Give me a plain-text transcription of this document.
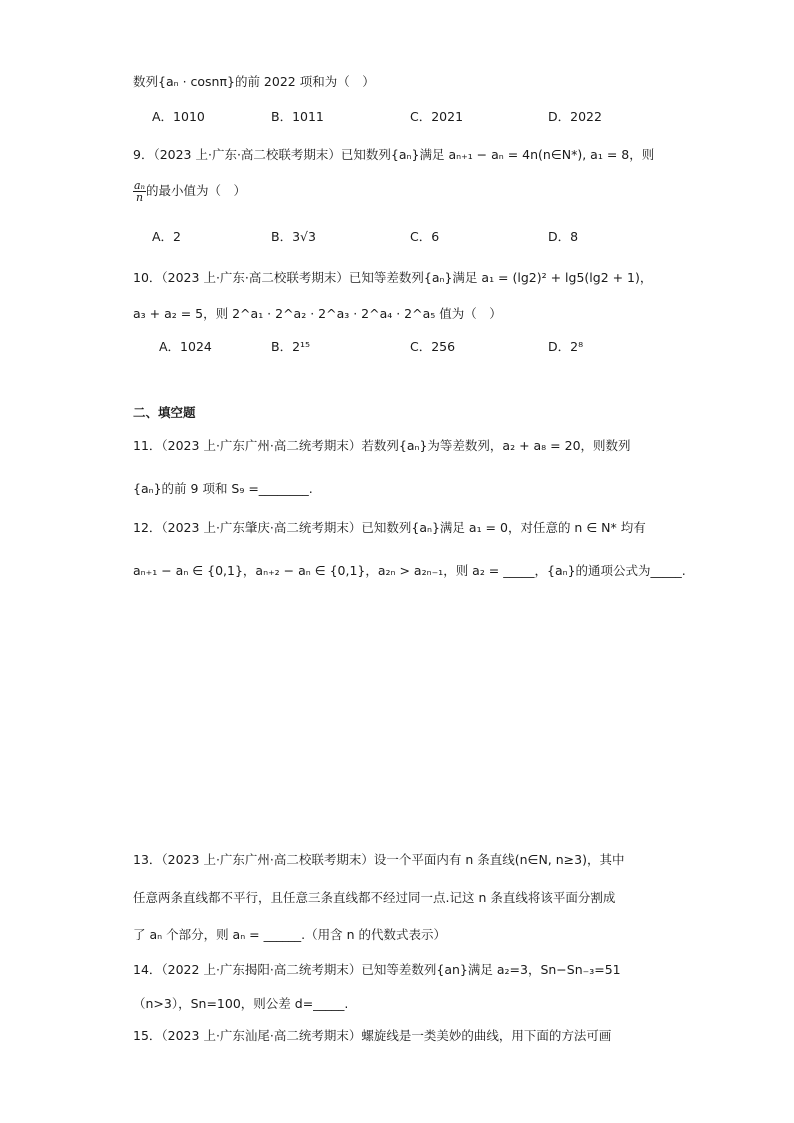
数列{aₙ · cosnπ}的前 2022 项和为（　）
A．1010	B．1011	C．2021	D．2022
9．（2023 上·广东·高二校联考期末）已知数列{aₙ}满足 aₙ₊₁ − aₙ = 4n(n∈N*), a₁ = 8，则
$\frac{\text{aₙ}}{n}$ 的最小值为（　）
A．2	B．3√3	C．6	D．8
10．（2023 上·广东·高二校联考期末）已知等差数列{aₙ}满足 a₁ = (lg2)² + lg5(lg2 + 1)，
a₃ + a₂ = 5，则 2^a₁ · 2^a₂ · 2^a₃ · 2^a₄ · 2^a₅ 值为（　）
A．1024	B．2¹⁵	C．256	D．2⁸
二、填空题
11．（2023 上·广东广州·高二统考期末）若数列{aₙ}为等差数列，a₂ + a₈ = 20，则数列
{aₙ}的前 9 项和 S₉ =________.
12．（2023 上·广东肇庆·高二统考期末）已知数列{aₙ}满足 a₁ = 0，对任意的 n ∈ N* 均有
aₙ₊₁ − aₙ ∈ {0,1}，aₙ₊₂ − aₙ ∈ {0,1}，a₂ₙ > a₂ₙ₋₁，则 a₂ = _____，{aₙ}的通项公式为_____.
13．（2023 上·广东广州·高二校联考期末）设一个平面内有 n 条直线(n∈N, n≥3)，其中
任意两条直线都不平行，且任意三条直线都不经过同一点.记这 n 条直线将该平面分割成
了 aₙ 个部分，则 aₙ = ______.（用含 n 的代数式表示）
14．（2022 上·广东揭阳·高二统考期末）已知等差数列{an}满足 a₂=3，Sn−Sn₋₃=51
（n>3），Sn=100，则公差 d=_____.
15．（2023 上·广东汕尾·高二统考期末）螺旋线是一类美妙的曲线，用下面的方法可画
